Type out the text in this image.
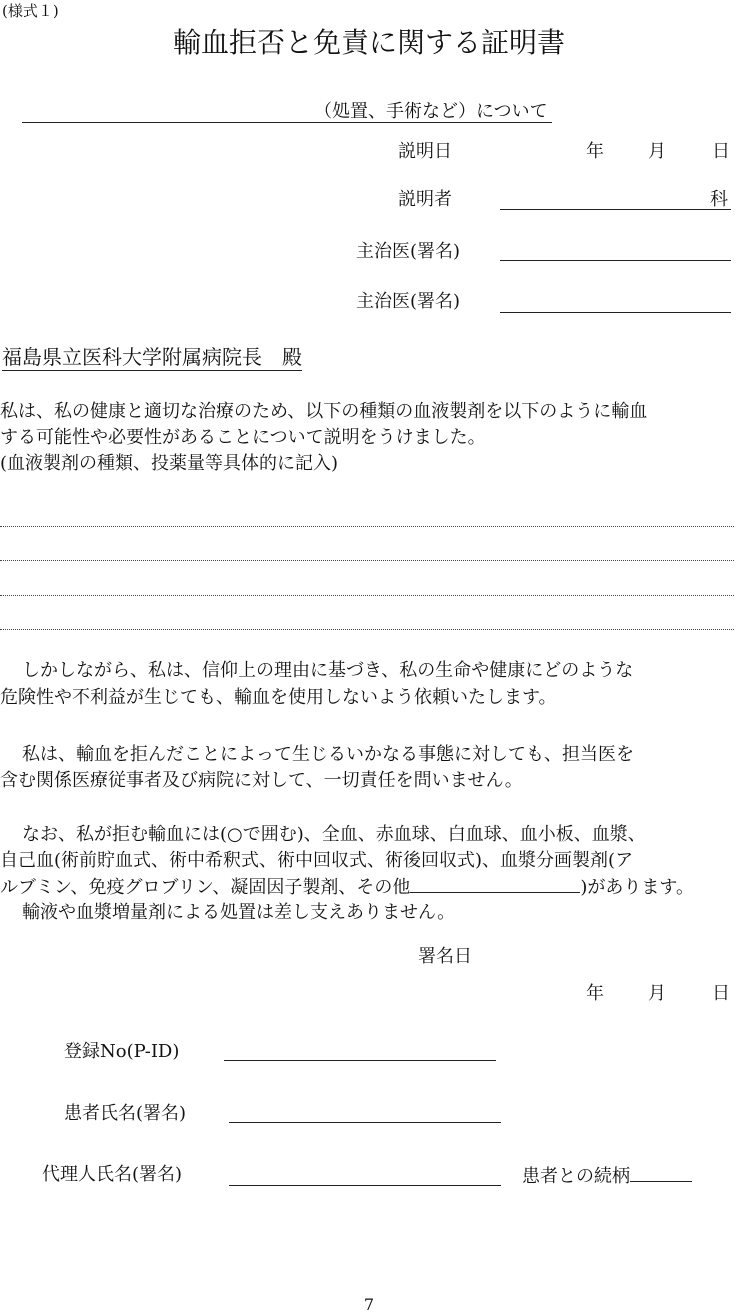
(様式１)
輸血拒否と免責に関する証明書
（処置、手術など）について
説明日	年 月	日
説明者	科
主治医(署名)
主治医(署名)
福島県立医科大学附属病院長　殿
私は、私の健康と適切な治療のため、以下の種類の血液製剤を以下のように輸血
する可能性や必要性があることについて説明をうけました。
(血液製剤の種類、投薬量等具体的に記入)
しかしながら、私は、信仰上の理由に基づき、私の生命や健康にどのような
危険性や不利益が生じても、輸血を使用しないよう依頼いたします。
私は、輸血を拒んだことによって生じるいかなる事態に対しても、担当医を
含む関係医療従事者及び病院に対して、一切責任を問いません。
なお、私が拒む輸血には(○で囲む)、全血、赤血球、白血球、血小板、血漿、
自己血(術前貯血式、術中希釈式、術中回収式、術後回収式)、血漿分画製剤(ア
ルブミン、免疫グロブリン、凝固因子製剤、その他	)があります。
輸液や血漿増量剤による処置は差し支えありません。
署名日
年 月	日
登録No(P-ID)
患者氏名(署名)
代理人氏名(署名)	患者との続柄
7
